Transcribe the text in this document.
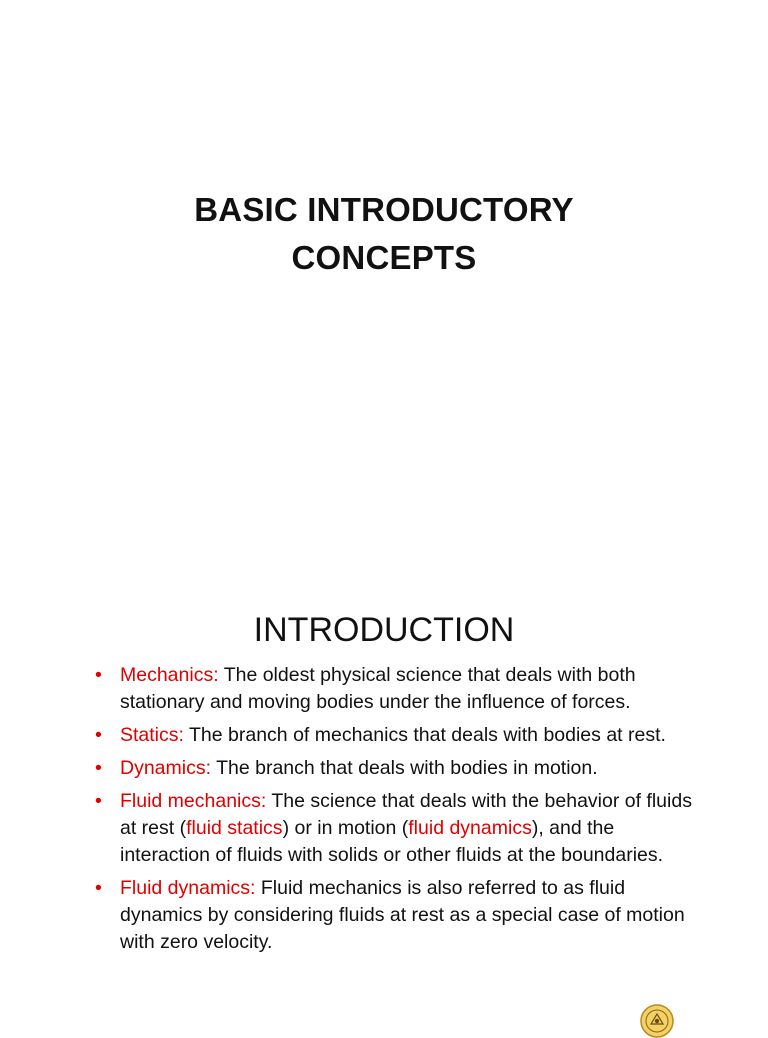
BASIC INTRODUCTORY
CONCEPTS
INTRODUCTION
• Mechanics: The oldest physical science that deals with both stationary and moving bodies under the influence of forces.
• Statics: The branch of mechanics that deals with bodies at rest.
• Dynamics: The branch that deals with bodies in motion.
• Fluid mechanics: The science that deals with the behavior of fluids at rest (fluid statics) or in motion (fluid dynamics), and the interaction of fluids with solids or other fluids at the boundaries.
• Fluid dynamics: Fluid mechanics is also referred to as fluid dynamics by considering fluids at rest as a special case of motion with zero velocity.
